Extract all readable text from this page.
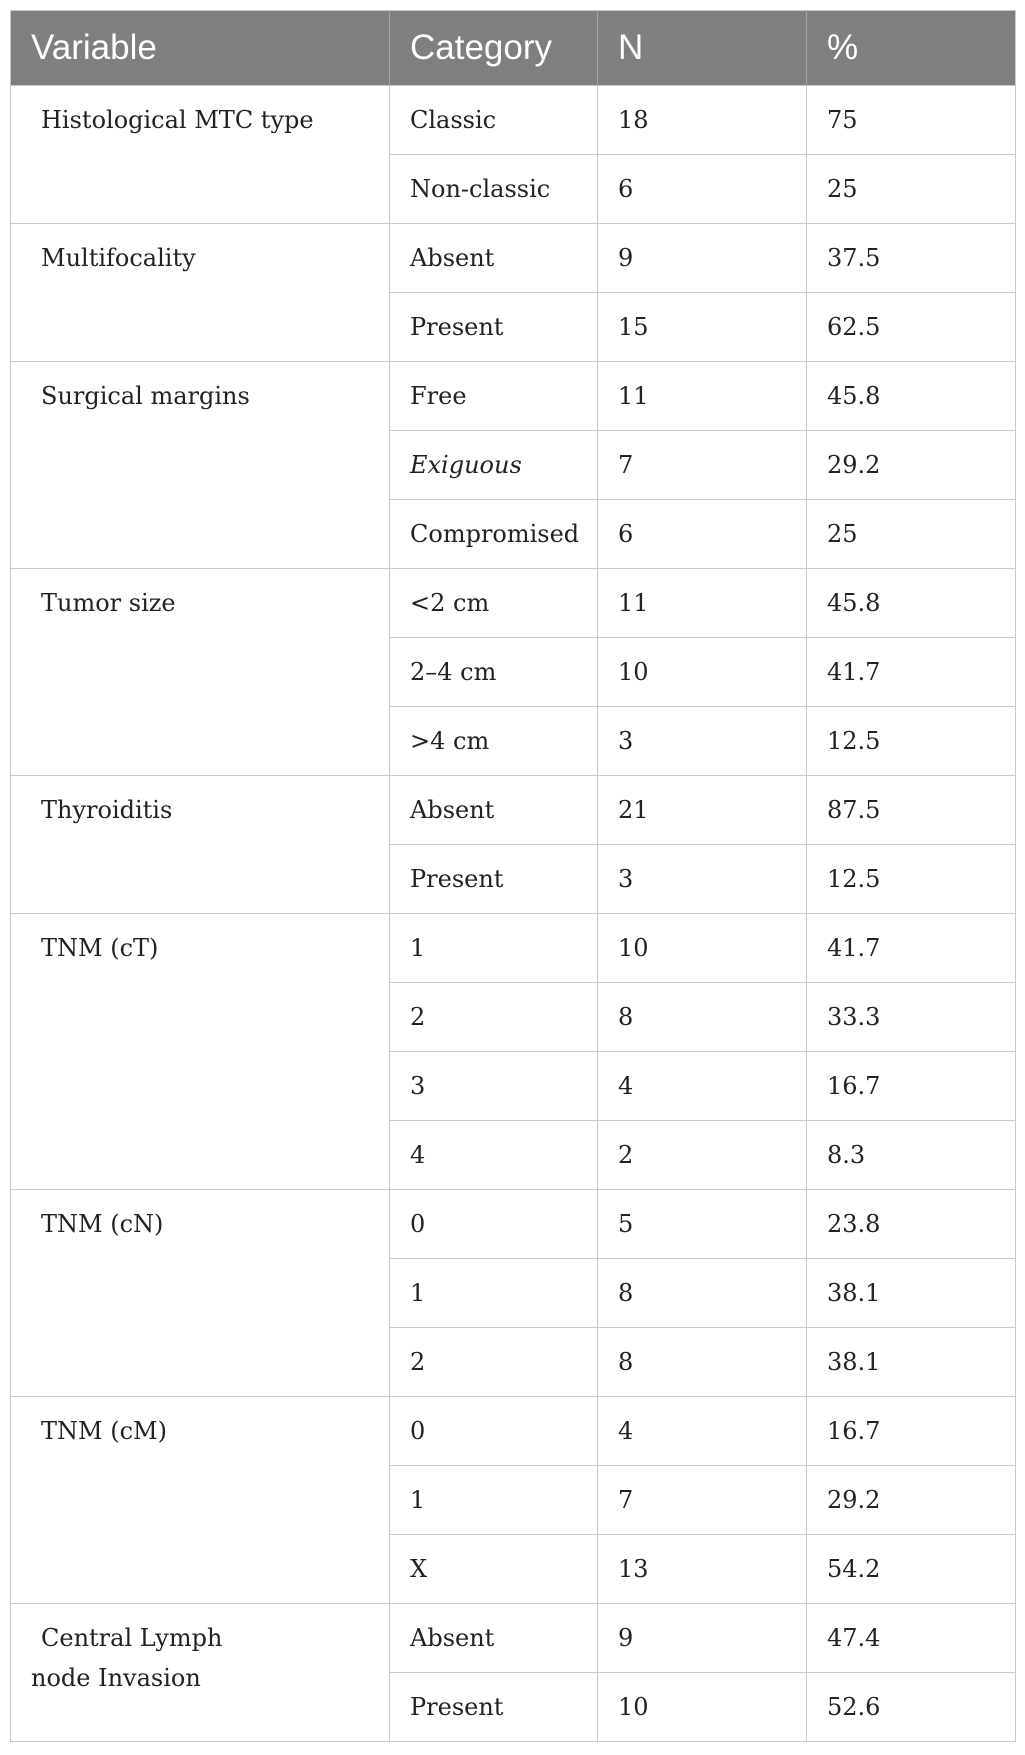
Variable	Category	N	%
Histological MTC type	Classic	18	75
	Non-classic	6	25
Multifocality	Absent	9	37.5
	Present	15	62.5
Surgical margins	Free	11	45.8
	Exiguous	7	29.2
	Compromised	6	25
Tumor size	<2 cm	11	45.8
	2–4 cm	10	41.7
	>4 cm	3	12.5
Thyroiditis	Absent	21	87.5
	Present	3	12.5
TNM (cT)	1	10	41.7
	2	8	33.3
	3	4	16.7
	4	2	8.3
TNM (cN)	0	5	23.8
	1	8	38.1
	2	8	38.1
TNM (cM)	0	4	16.7
	1	7	29.2
	X	13	54.2
Central Lymph
node Invasion	Absent	9	47.4
	Present	10	52.6
